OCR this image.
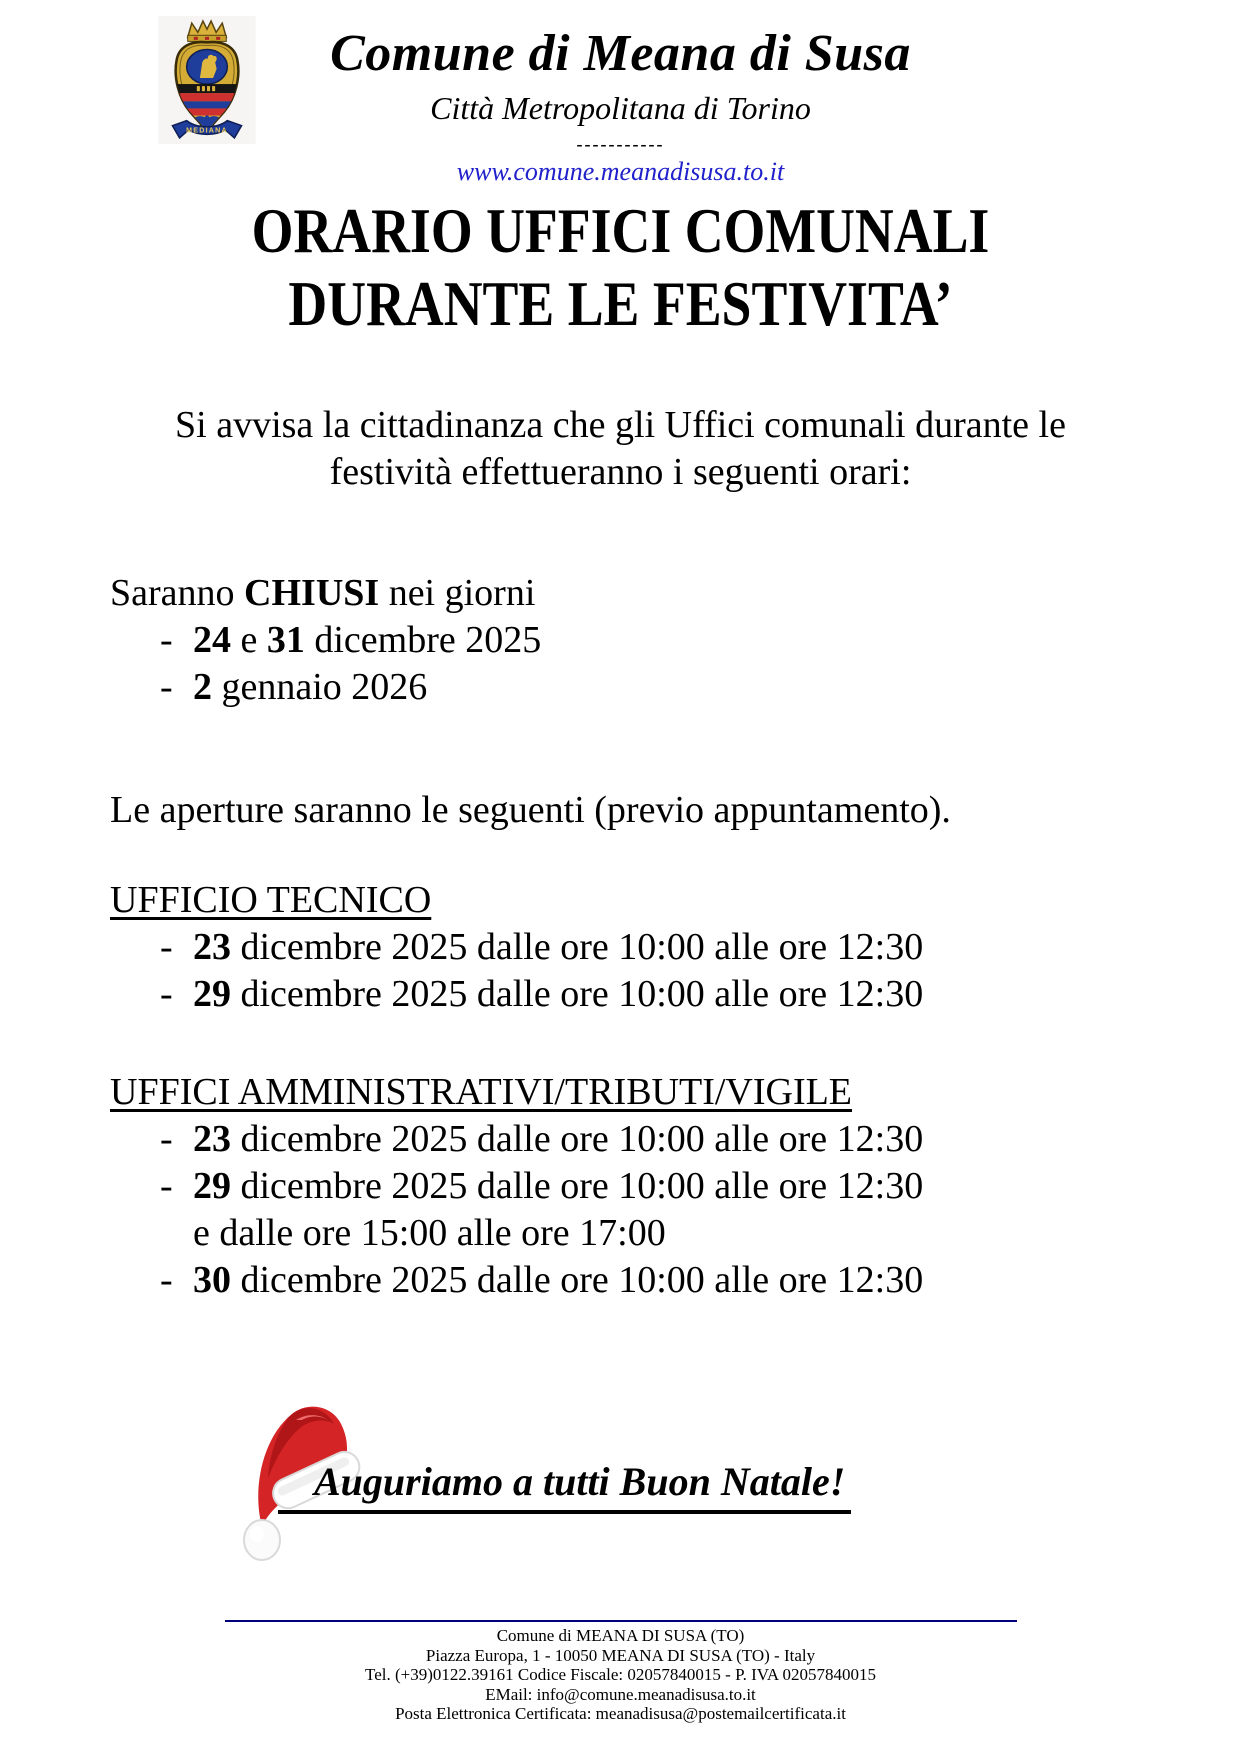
MEDIANA
Comune di Meana di Susa
Città Metropolitana di Torino
-----------
www.comune.meanadisusa.to.it
ORARIO UFFICI COMUNALI
DURANTE LE FESTIVITA’
Si avvisa la cittadinanza che gli Uffici comunali durante le
festività effettueranno i seguenti orari:
Saranno CHIUSI nei giorni
- 24 e 31 dicembre 2025
- 2 gennaio 2026
Le aperture saranno le seguenti (previo appuntamento).
UFFICIO TECNICO
- 23 dicembre 2025 dalle ore 10:00 alle ore 12:30
- 29 dicembre 2025 dalle ore 10:00 alle ore 12:30
UFFICI AMMINISTRATIVI/TRIBUTI/VIGILE
- 23 dicembre 2025 dalle ore 10:00 alle ore 12:30
- 29 dicembre 2025 dalle ore 10:00 alle ore 12:30
e dalle ore 15:00 alle ore 17:00
- 30 dicembre 2025 dalle ore 10:00 alle ore 12:30
Auguriamo a tutti Buon Natale!
Comune di MEANA DI SUSA (TO)
Piazza Europa, 1 - 10050 MEANA DI SUSA (TO) - Italy
Tel. (+39)0122.39161 Codice Fiscale: 02057840015 - P. IVA 02057840015
EMail: info@comune.meanadisusa.to.it
Posta Elettronica Certificata: meanadisusa@postemailcertificata.it
